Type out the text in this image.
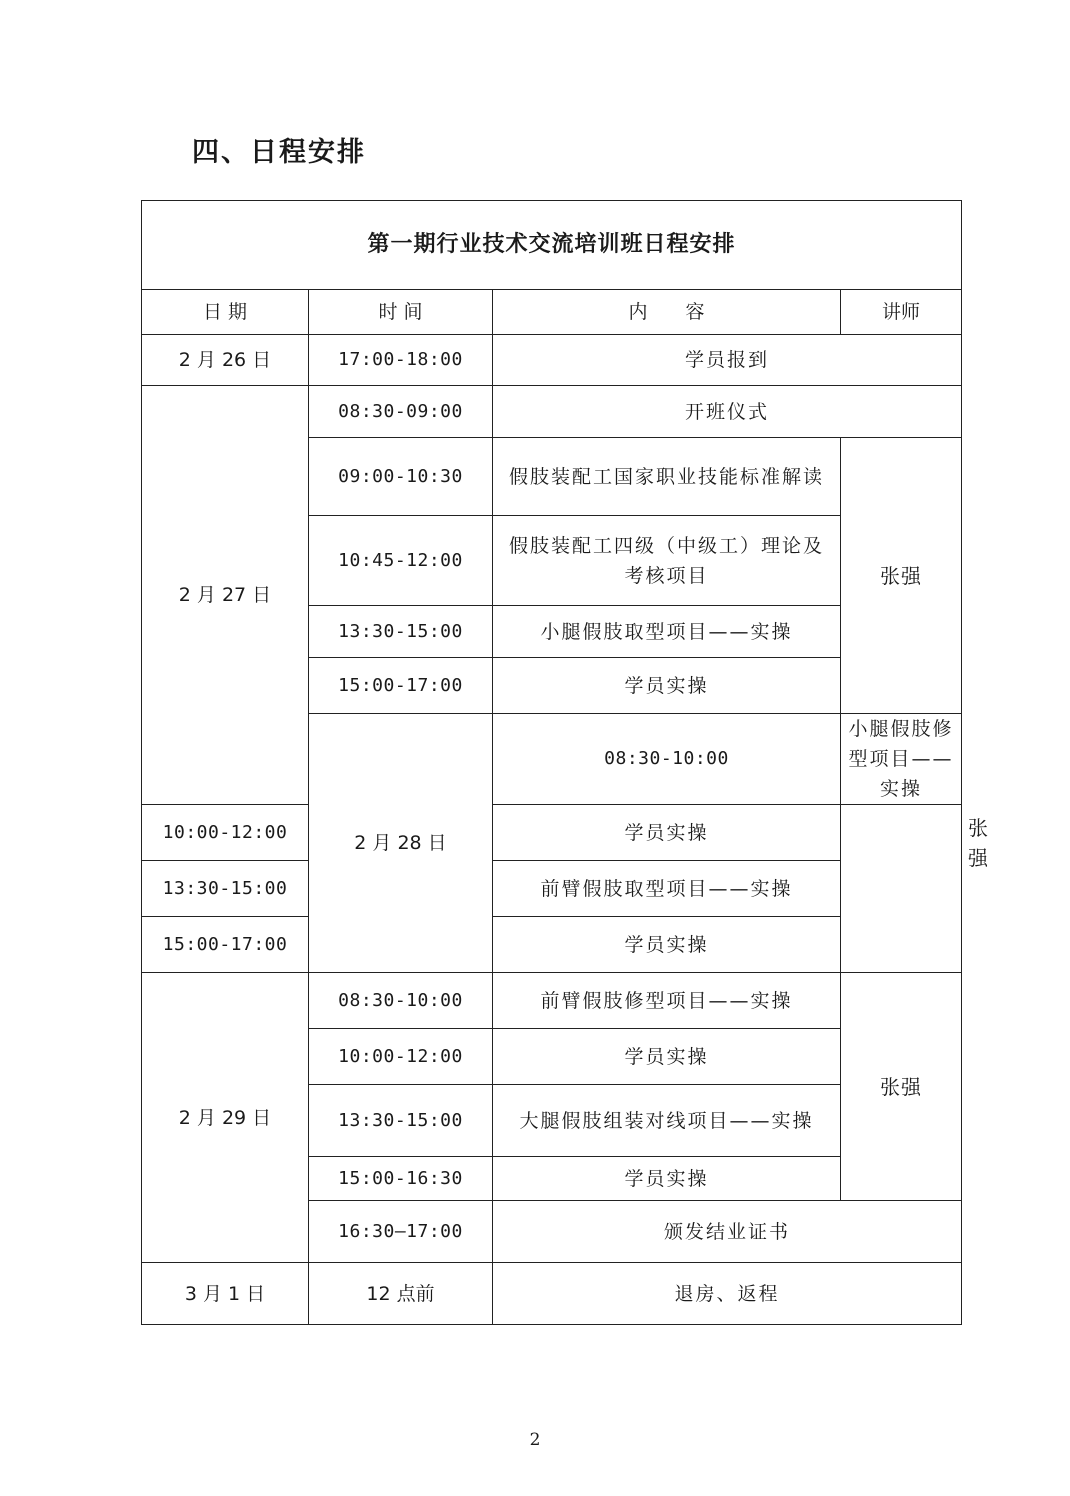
四、日程安排
第一期行业技术交流培训班日程安排				
日 期	时 间	内　　容	讲师	
2 月 26 日	17:00-18:00	学员报到		
2 月 27 日	08:30-09:00	开班仪式		
	09:00-10:30	假肢装配工国家职业技能标准解读	张强	
	10:45-12:00	假肢装配工四级（中级工）理论及考核项目		
	13:30-15:00	小腿假肢取型项目——实操		
	15:00-17:00	学员实操		
	2 月 28 日	08:30-10:00	小腿假肢修型项目——实操	张强
10:00-12:00		学员实操		
13:30-15:00		前臂假肢取型项目——实操		
15:00-17:00		学员实操		
2 月 29 日	08:30-10:00	前臂假肢修型项目——实操	张强	
	10:00-12:00	学员实操		
	13:30-15:00	大腿假肢组装对线项目——实操		
	15:00-16:30	学员实操		
	16:30—17:00	颁发结业证书		
3 月 1 日	12 点前	退房、返程		
2
